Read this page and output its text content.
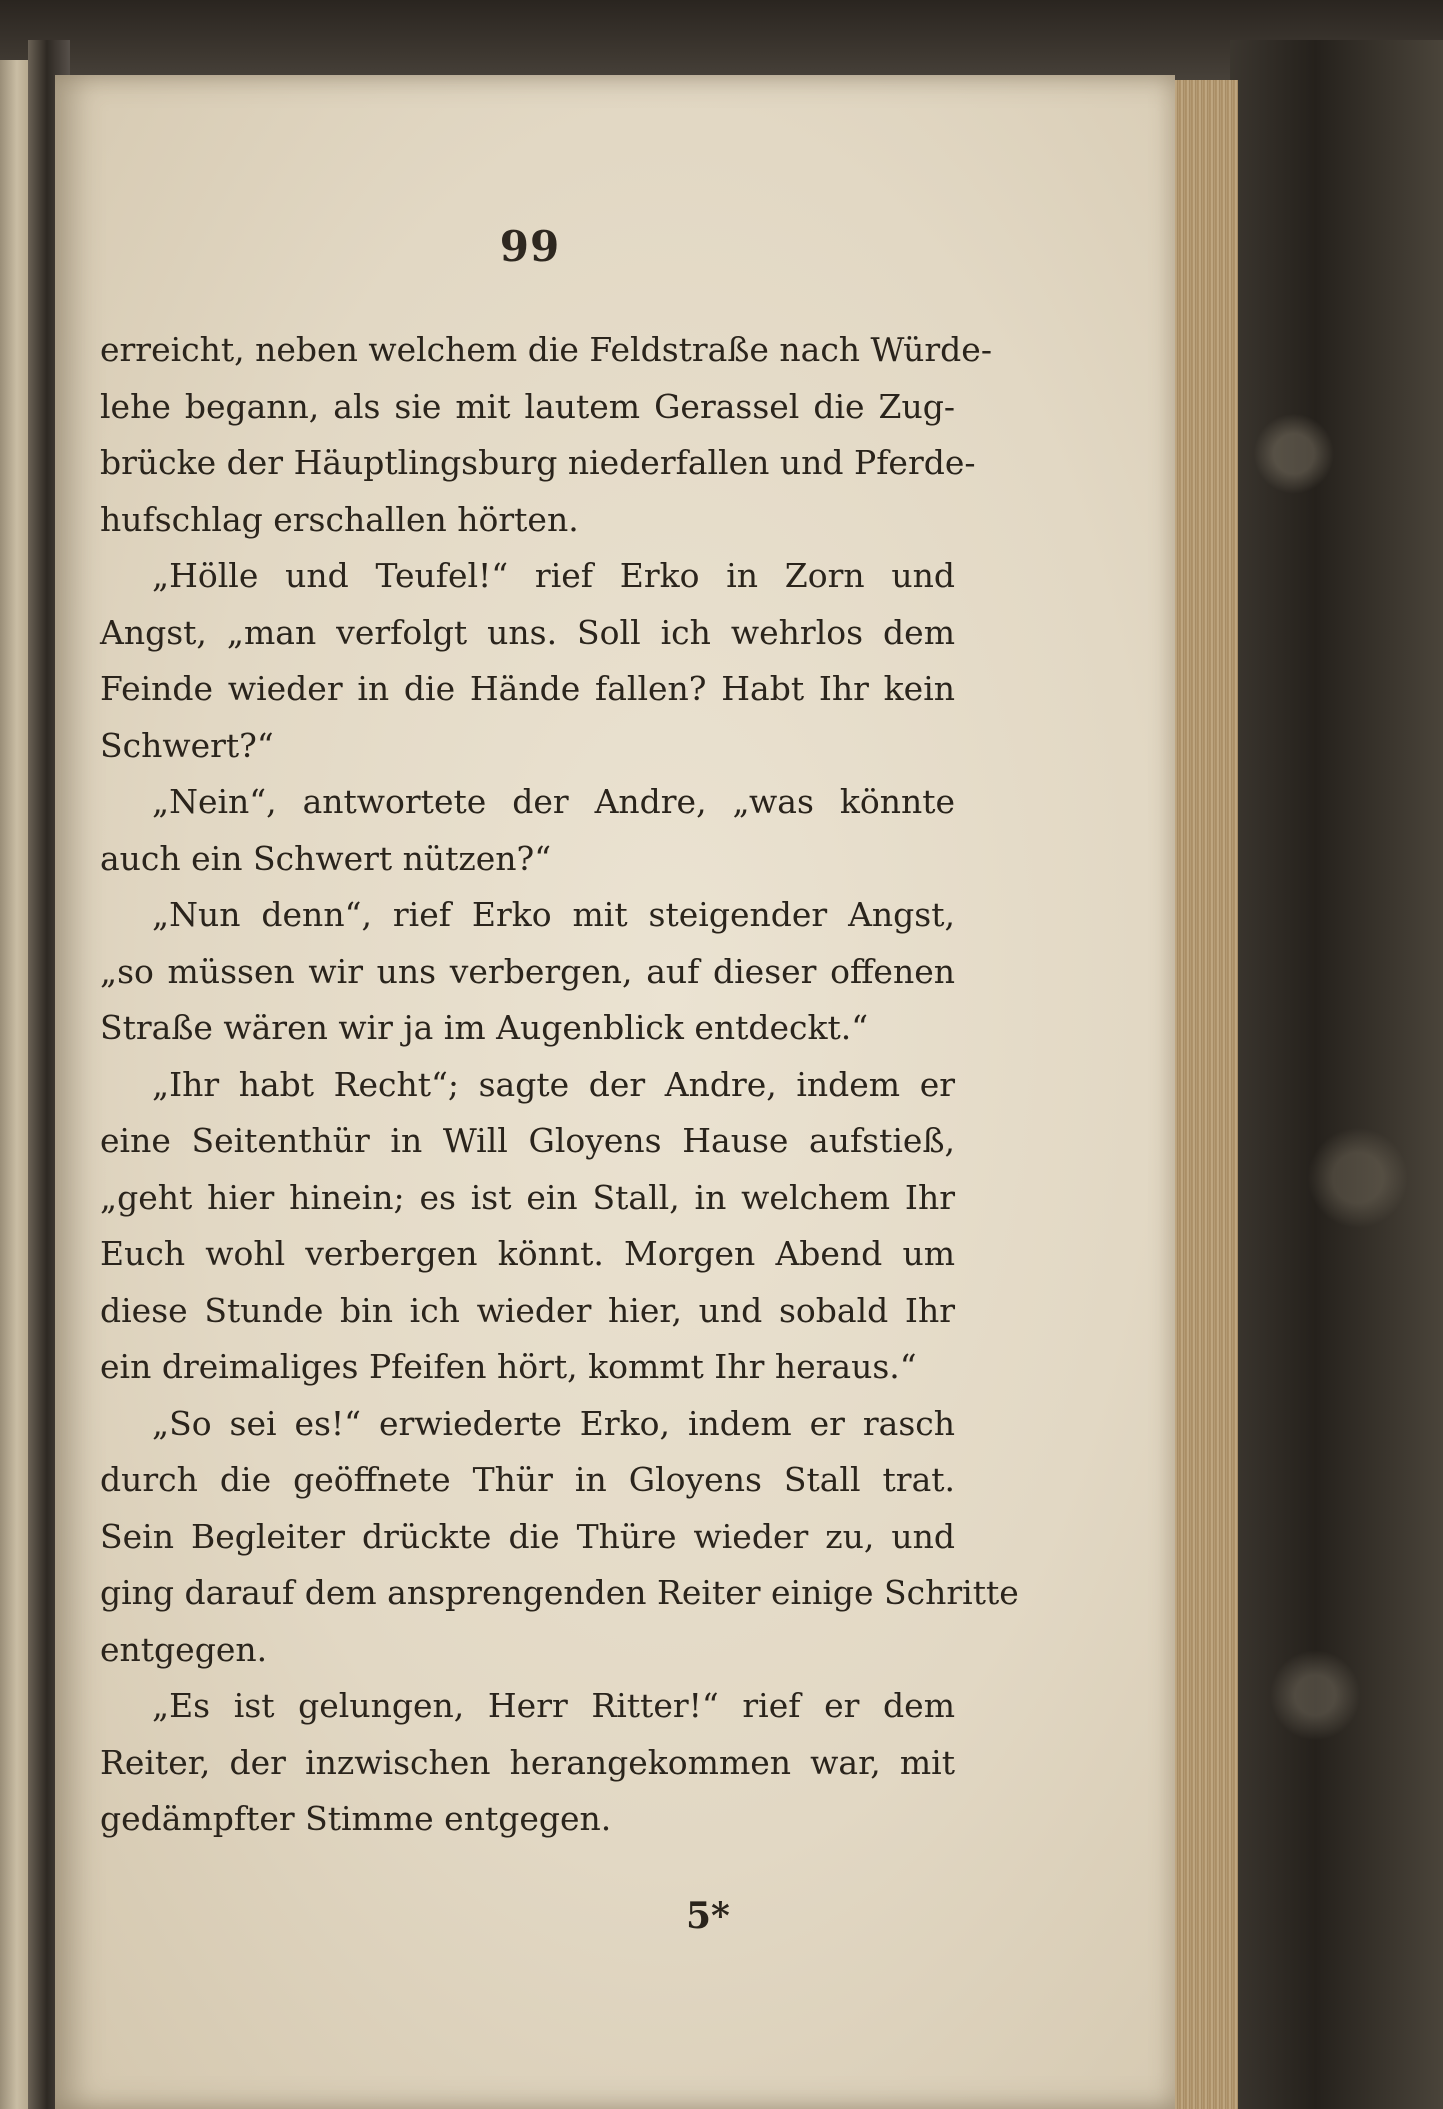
99
erreicht, neben welchem die Feldstraße nach Würde-
lehe begann, als sie mit lautem Gerassel die Zug-
brücke der Häuptlingsburg niederfallen und Pferde-
hufschlag erschallen hörten.
„Hölle und Teufel!“ rief Erko in Zorn und
Angst, „man verfolgt uns. Soll ich wehrlos dem
Feinde wieder in die Hände fallen? Habt Ihr kein
Schwert?“
„Nein“, antwortete der Andre, „was könnte
auch ein Schwert nützen?“
„Nun denn“, rief Erko mit steigender Angst,
„so müssen wir uns verbergen, auf dieser offenen
Straße wären wir ja im Augenblick entdeckt.“
„Ihr habt Recht“; sagte der Andre, indem er
eine Seitenthür in Will Gloyens Hause aufstieß,
„geht hier hinein; es ist ein Stall, in welchem Ihr
Euch wohl verbergen könnt. Morgen Abend um
diese Stunde bin ich wieder hier, und sobald Ihr
ein dreimaliges Pfeifen hört, kommt Ihr heraus.“
„So sei es!“ erwiederte Erko, indem er rasch
durch die geöffnete Thür in Gloyens Stall trat.
Sein Begleiter drückte die Thüre wieder zu, und
ging darauf dem ansprengenden Reiter einige Schritte
entgegen.
„Es ist gelungen, Herr Ritter!“ rief er dem
Reiter, der inzwischen herangekommen war, mit
gedämpfter Stimme entgegen.
5*
